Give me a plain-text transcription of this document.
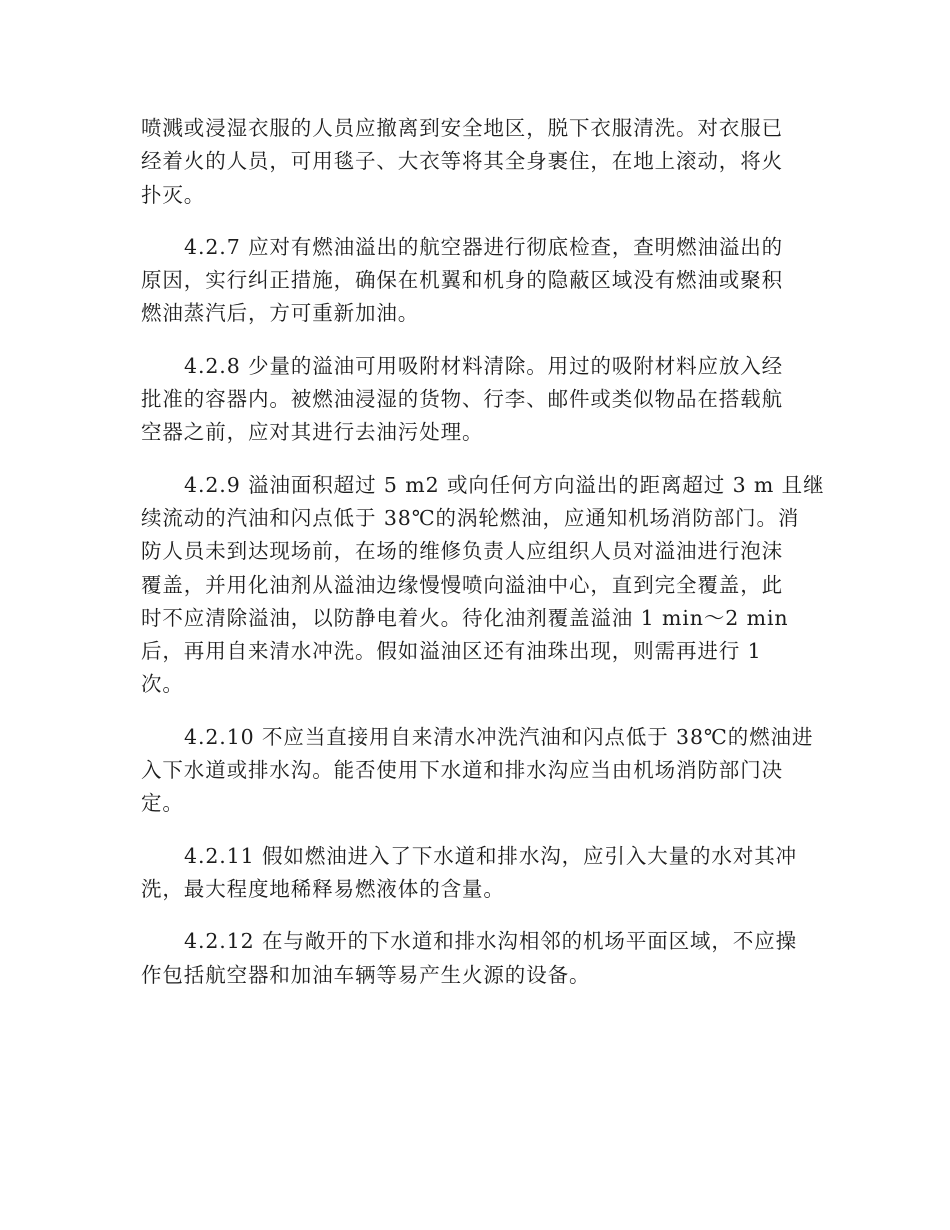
喷溅或浸湿衣服的人员应撤离到安全地区，脱下衣服清洗。对衣服已
经着火的人员，可用毯子、大衣等将其全身裹住，在地上滚动，将火
扑灭。

4.2.7 应对有燃油溢出的航空器进行彻底检查，查明燃油溢出的
原因，实行纠正措施，确保在机翼和机身的隐蔽区域没有燃油或聚积
燃油蒸汽后，方可重新加油。

4.2.8 少量的溢油可用吸附材料清除。用过的吸附材料应放入经
批准的容器内。被燃油浸湿的货物、行李、邮件或类似物品在搭载航
空器之前，应对其进行去油污处理。

4.2.9 溢油面积超过 5 m2 或向任何方向溢出的距离超过 3 m 且继
续流动的汽油和闪点低于 38℃的涡轮燃油，应通知机场消防部门。消
防人员未到达现场前，在场的维修负责人应组织人员对溢油进行泡沫
覆盖，并用化油剂从溢油边缘慢慢喷向溢油中心，直到完全覆盖，此
时不应清除溢油，以防静电着火。待化油剂覆盖溢油 1 min～2 min
后，再用自来清水冲洗。假如溢油区还有油珠出现，则需再进行 1
次。

4.2.10 不应当直接用自来清水冲洗汽油和闪点低于 38℃的燃油进
入下水道或排水沟。能否使用下水道和排水沟应当由机场消防部门决
定。

4.2.11 假如燃油进入了下水道和排水沟，应引入大量的水对其冲
洗，最大程度地稀释易燃液体的含量。

4.2.12 在与敞开的下水道和排水沟相邻的机场平面区域，不应操
作包括航空器和加油车辆等易产生火源的设备。
